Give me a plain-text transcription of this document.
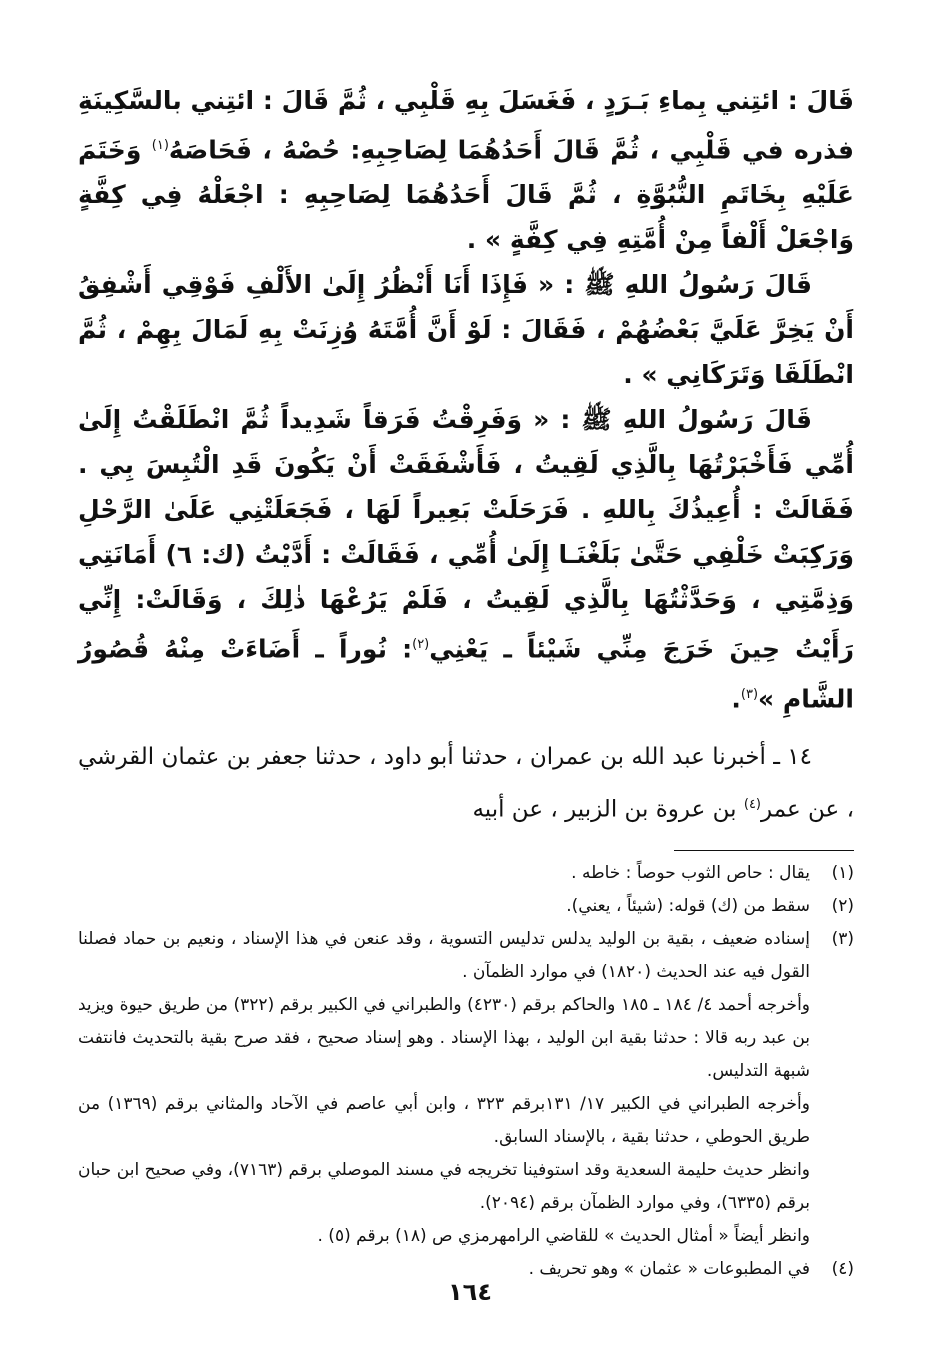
قَالَ : ائتِني بِماءِ بَـرَدٍ ، فَغَسَلَ بِهِ قَلْبِي ، ثُمَّ قَالَ : ائتِني بالسَّكِينَةِ فذره في قَلْبِي ، ثُمَّ قَالَ أَحَدُهُمَا لِصَاحِبِهِ: حُصْهُ ، فَحَاصَهُ$^{(١)}$ وَخَتَمَ عَلَيْهِ بِخَاتَمِ النُّبُوَّةِ ، ثُمَّ قَالَ أَحَدُهُمَا لِصَاحِبِهِ : اجْعَلْهُ فِي كِفَّةٍ وَاجْعَلْ أَلْفاً مِنْ أُمَّتِهِ فِي كِفَّةٍ » .

قَالَ رَسُولُ اللهِ ﷺ : « فَإِذَا أَنَا أَنْظُرُ إِلَىٰ الأَلْفِ فَوْقِي أَشْفِقُ أَنْ يَخِرَّ عَلَيَّ بَعْضُهُمْ ، فَقَالَ : لَوْ أَنَّ أُمَّتَهُ وُزِنَتْ بِهِ لَمَالَ بِهِمْ ، ثُمَّ انْطَلَقَا وَتَرَكَانِي » .

قَالَ رَسُولُ اللهِ ﷺ : « وَفَرِقْتُ فَرَقاً شَدِيداً ثُمَّ انْطَلَقْتُ إِلَىٰ أُمِّي فَأَخْبَرْتُهَا بِالَّذِي لَقِيتُ ، فَأَشْفَقَتْ أَنْ يَكُونَ قَدِ الْتُبِسَ بِي . فَقَالَتْ : أُعِيذُكَ بِاللهِ . فَرَحَلَتْ بَعِيراً لَهَا ، فَجَعَلَتْنِي عَلَىٰ الرَّحْلِ وَرَكِبَتْ خَلْفِي حَتَّىٰ بَلَغْنَـا إِلَىٰ أُمِّي ، فَقَالَتْ : أَدَّيْتُ (ك: ٦) أَمَانَتِي وَذِمَّتِي ، وَحَدَّثْتُهَا بِالَّذِي لَقِيتُ ، فَلَمْ يَرُعْهَا ذٰلِكَ ، وَقَالَتْ: إِنِّي رَأَيْتُ حِينَ خَرَجَ مِنِّي شَيْئاً ـ يَعْنِي$^{(٢)}$: نُوراً ـ أَضَاءَتْ مِنْهُ قُصُورُ الشَّامِ »$^{(٣)}$.

١٤ ـ أخبرنا عبد الله بن عمران ، حدثنا أبو داود ، حدثنا جعفر بن عثمان القرشي ، عن عمر$^{(٤)}$ بن عروة بن الزبير ، عن أبيه

(١)
يقال : حاص الثوب حوصاً : خاطه .
(٢)
سقط من (ك) قوله: (شيئاً ، يعني).
(٣)
إسناده ضعيف ، بقية بن الوليد يدلس تدليس التسوية ، وقد عنعن في هذا الإسناد ، ونعيم بن حماد فصلنا القول فيه عند الحديث (١٨٢٠) في موارد الظمآن .
وأخرجه أحمد ٤/ ١٨٤ ـ ١٨٥ والحاكم برقم (٤٢٣٠) والطبراني في الكبير برقم (٣٢٢) من طريق حيوة ويزيد بن عبد ربه قالا : حدثنا بقية ابن الوليد ، بهذا الإسناد . وهو إسناد صحيح ، فقد صرح بقية بالتحديث فانتفت شبهة التدليس.
وأخرجه الطبراني في الكبير ١٧/ ١٣١برقم ٣٢٣ ، وابن أبي عاصم في الآحاد والمثاني برقم (١٣٦٩) من طريق الحوطي ، حدثنا بقية ، بالإسناد السابق.
وانظر حديث حليمة السعدية وقد استوفينا تخريجه في مسند الموصلي برقم (٧١٦٣)، وفي صحيح ابن حبان برقم (٦٣٣٥)، وفي موارد الظمآن برقم (٢٠٩٤).
وانظر أيضاً « أمثال الحديث » للقاضي الرامهرمزي ص (١٨) برقم (٥) .
(٤)
في المطبوعات « عثمان » وهو تحريف .
١٦٤
